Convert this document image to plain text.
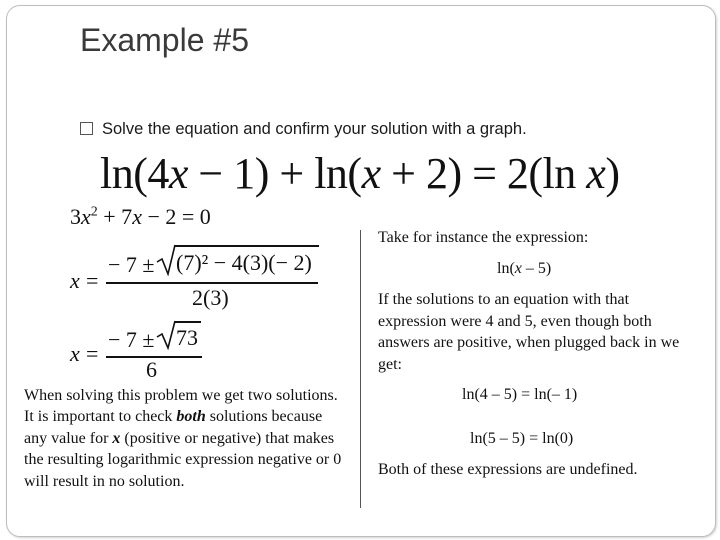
Example #5
Solve the equation and confirm your solution with a graph.
ln(4x − 1) + ln(x + 2) = 2(ln x)
$3x^2 + 7x - 2 = 0$
x =
− 7 ± (7)² − 4(3)(− 2)
2(3)
x =
− 7 ± 73
6
When solving this problem we get two solutions. It is important to check both solutions because any value for x (positive or negative) that makes the resulting logarithmic expression negative or 0 will result in no solution.
Take for instance the expression:
ln(x – 5)
If the solutions to an equation with that expression were 4 and 5, even though both answers are positive, when plugged back in we get:
ln(4 – 5) = ln(– 1)
ln(5 – 5) = ln(0)
Both of these expressions are undefined.
